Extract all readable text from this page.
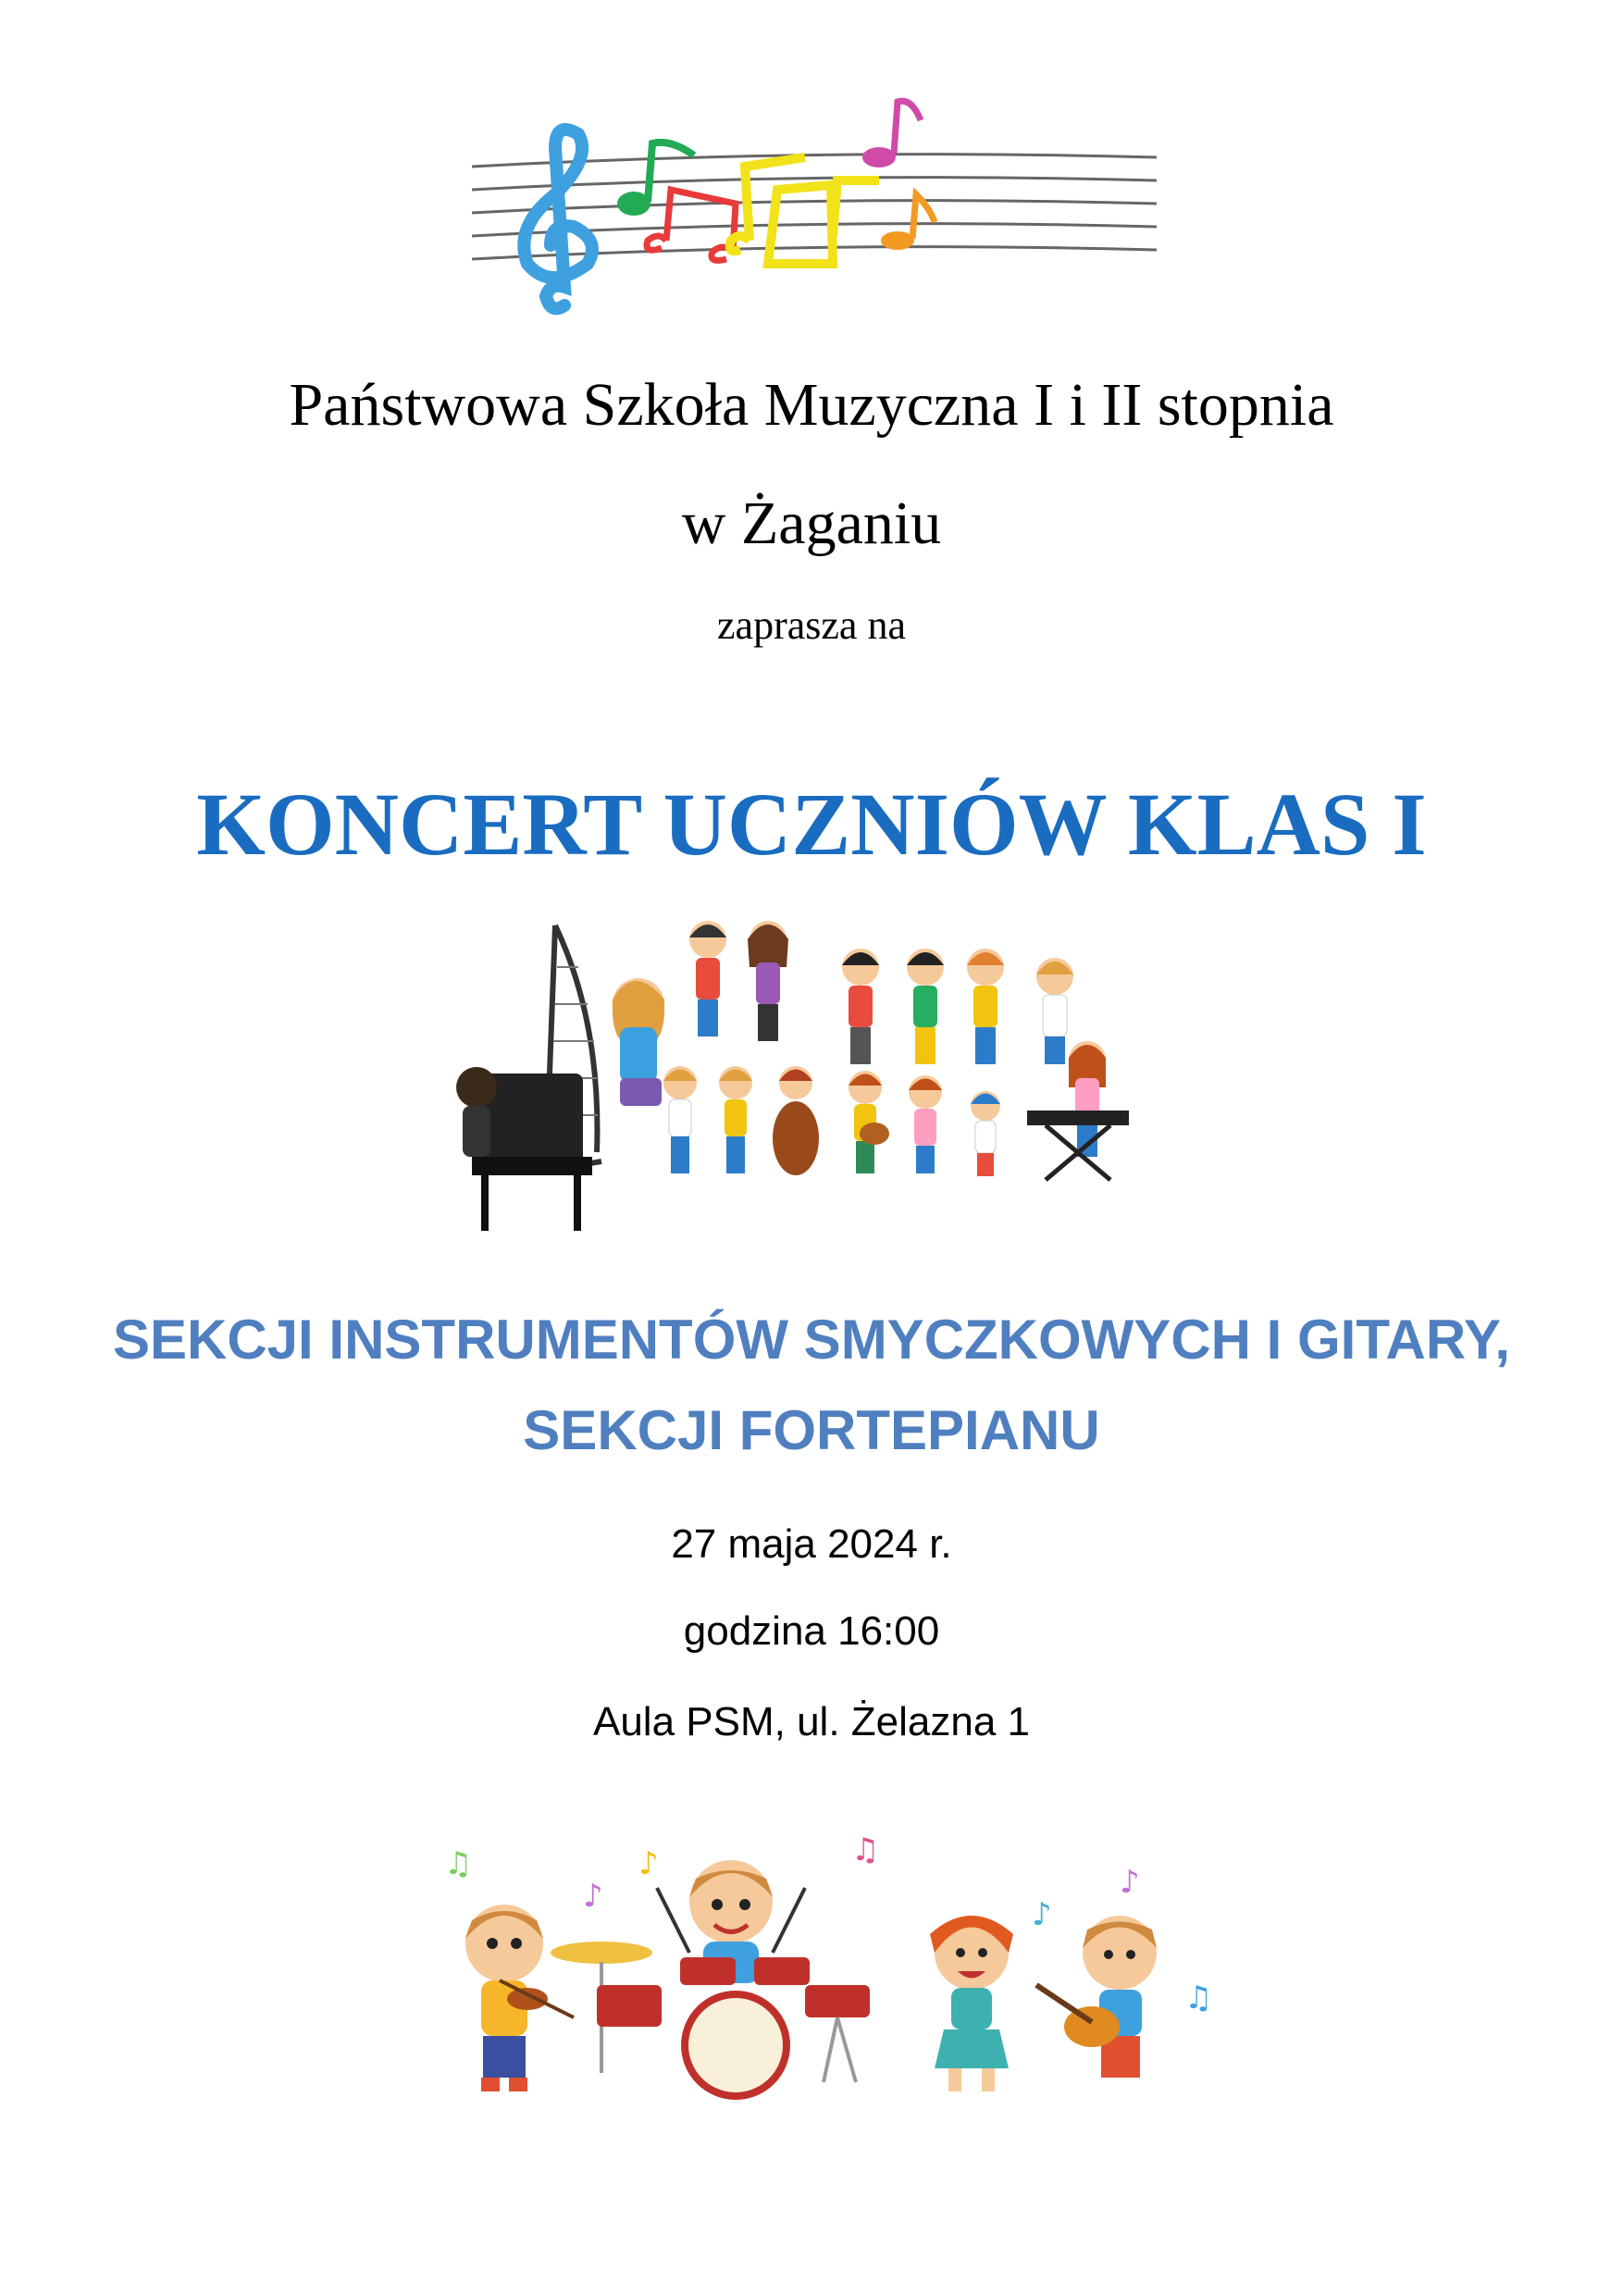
Państwowa Szkoła Muzyczna I i II stopnia
w Żaganiu
zaprasza na
KONCERT UCZNIÓW KLAS I
SEKCJI INSTRUMENTÓW SMYCZKOWYCH I GITARY,
SEKCJI FORTEPIANU
27 maja 2024 r.
godzina 16:00
Aula PSM, ul. Żelazna 1
♫
♪
♪	♫
♪
♪
♫
